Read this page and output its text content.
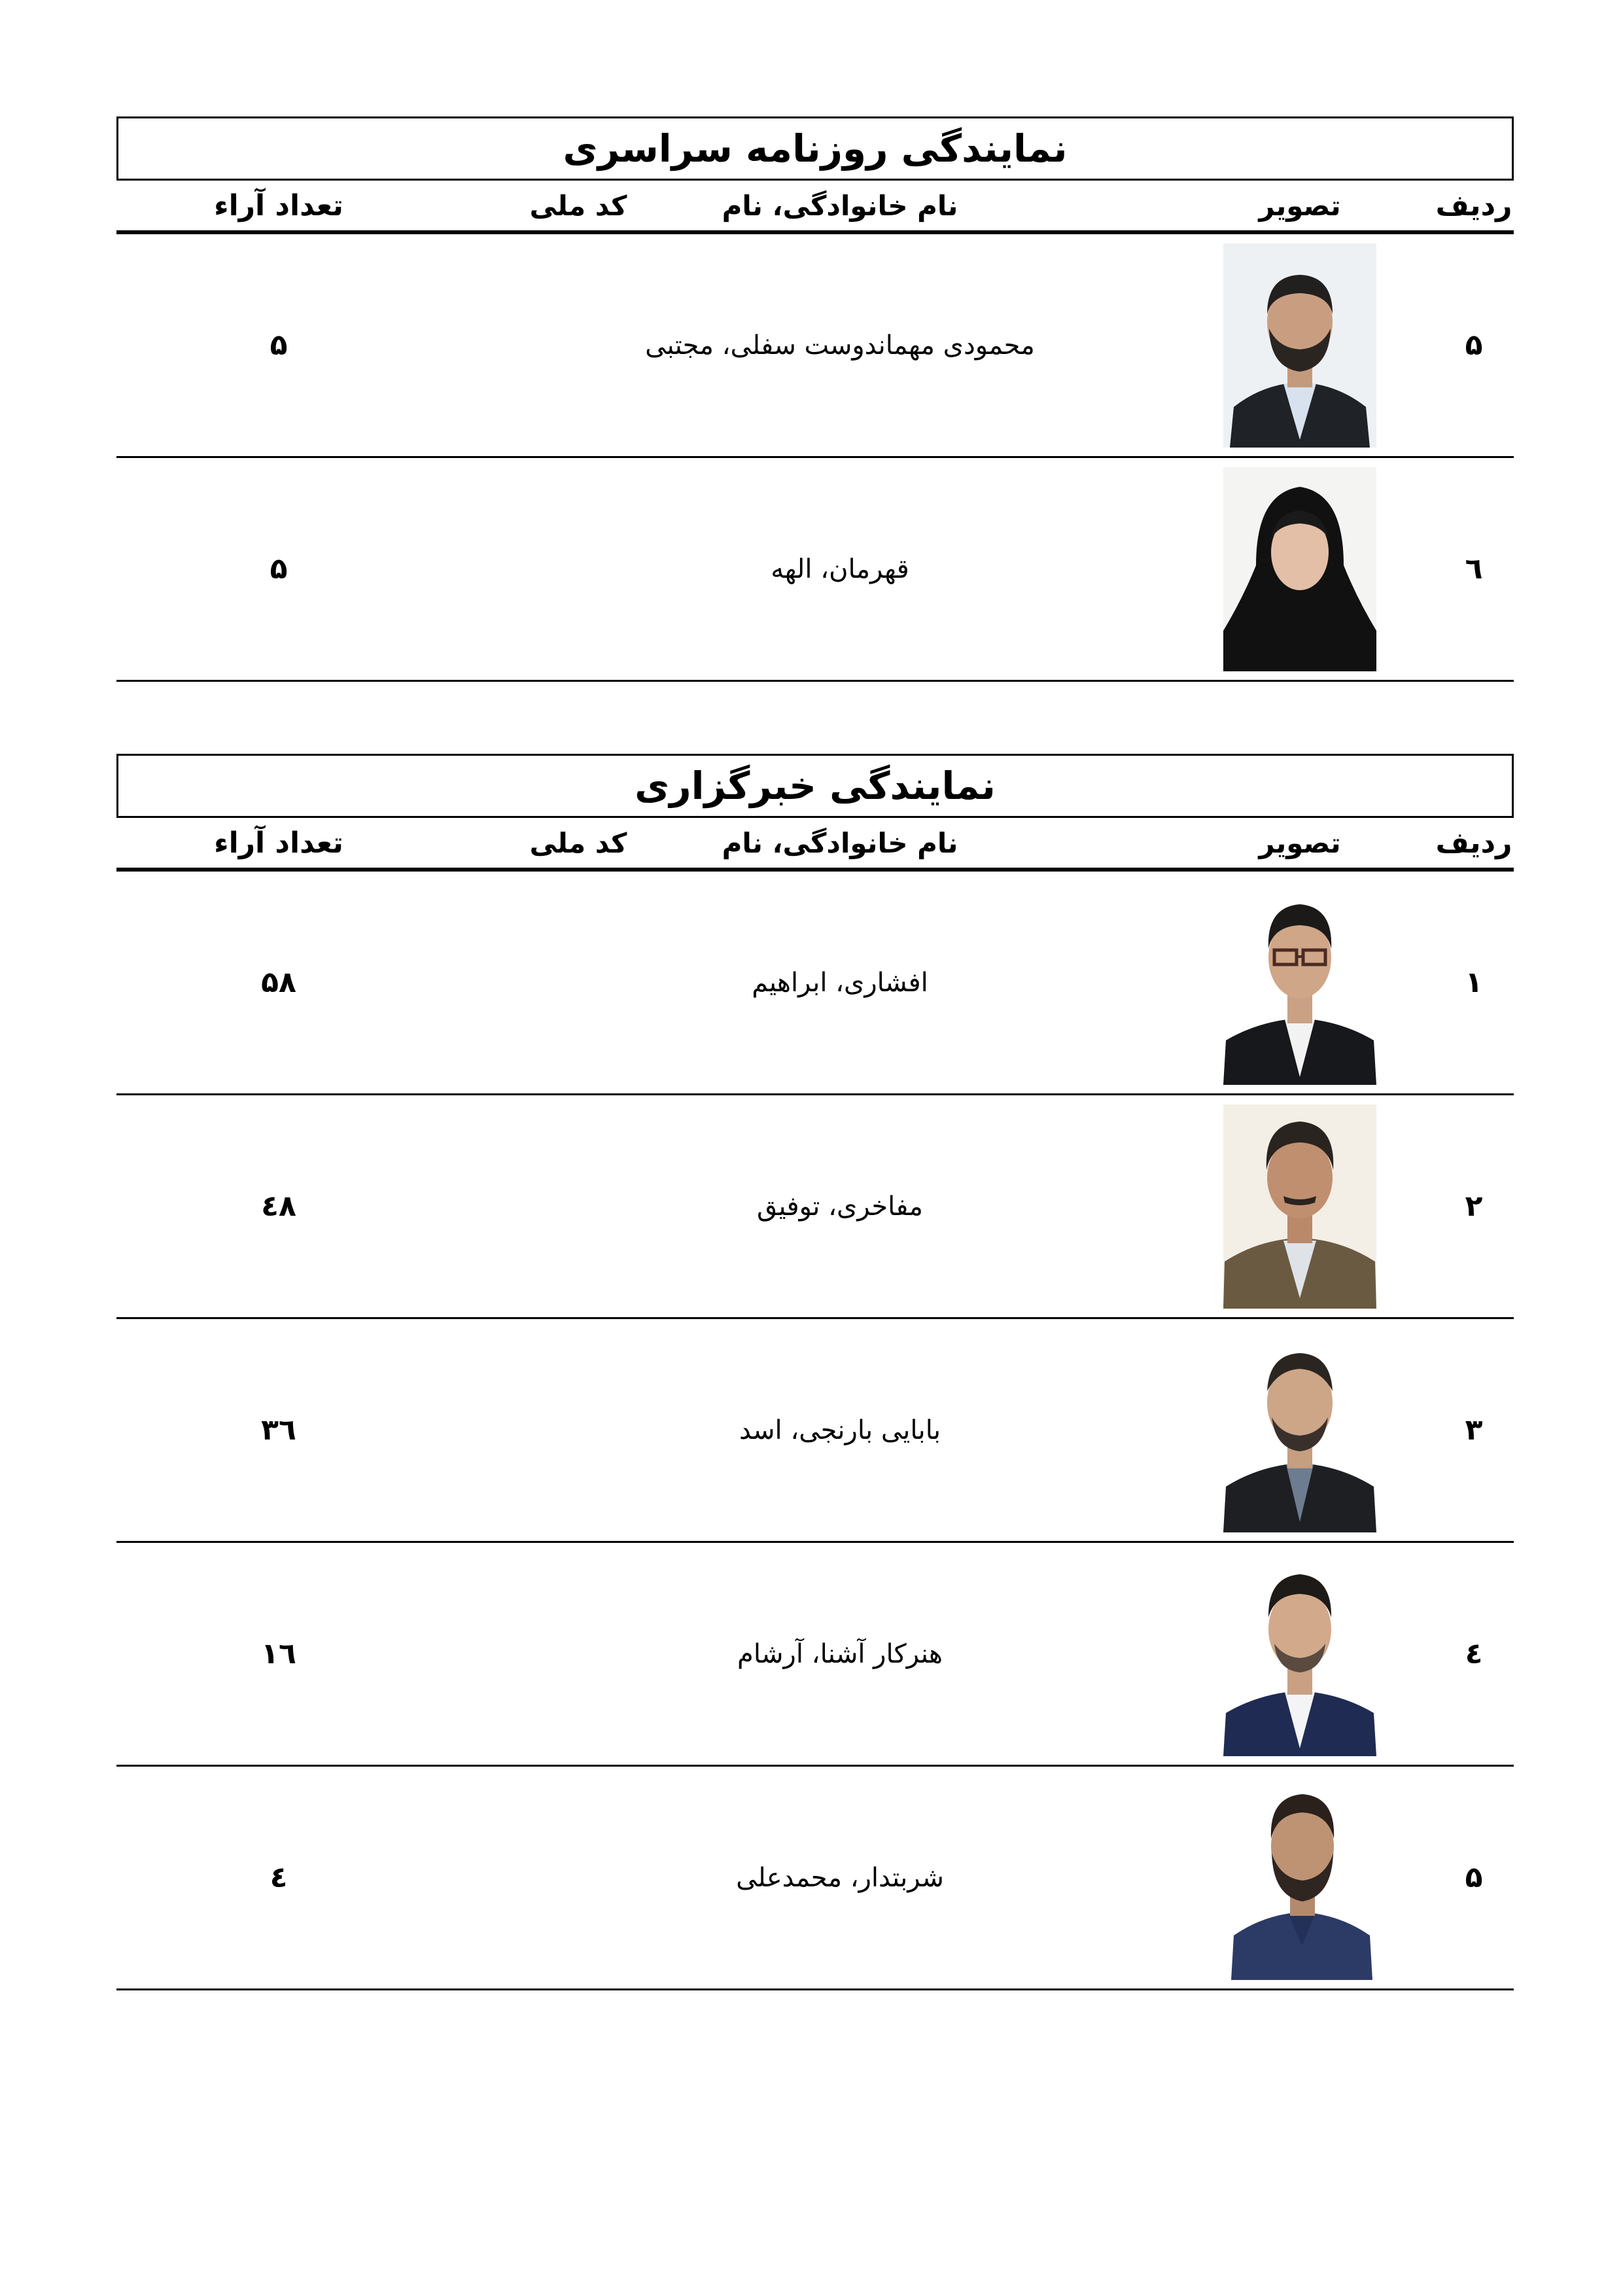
نمایندگی روزنامه سراسری
ردیف
تصویر
نام خانوادگی، نام
کد ملی
تعداد آراء
۵
محمودی مهماندوست سفلی، مجتبی
۵
٦
قهرمان، الهه
۵
نمایندگی خبرگزاری
ردیف
تصویر
نام خانوادگی، نام
کد ملی
تعداد آراء
۱
افشاری، ابراهیم
۵۸
۲
مفاخری، توفیق
٤۸
۳
بابایی بارنجی، اسد
۳٦
٤
هنرکار آشنا، آرشام
۱٦
۵
شربتدار، محمدعلی
٤
